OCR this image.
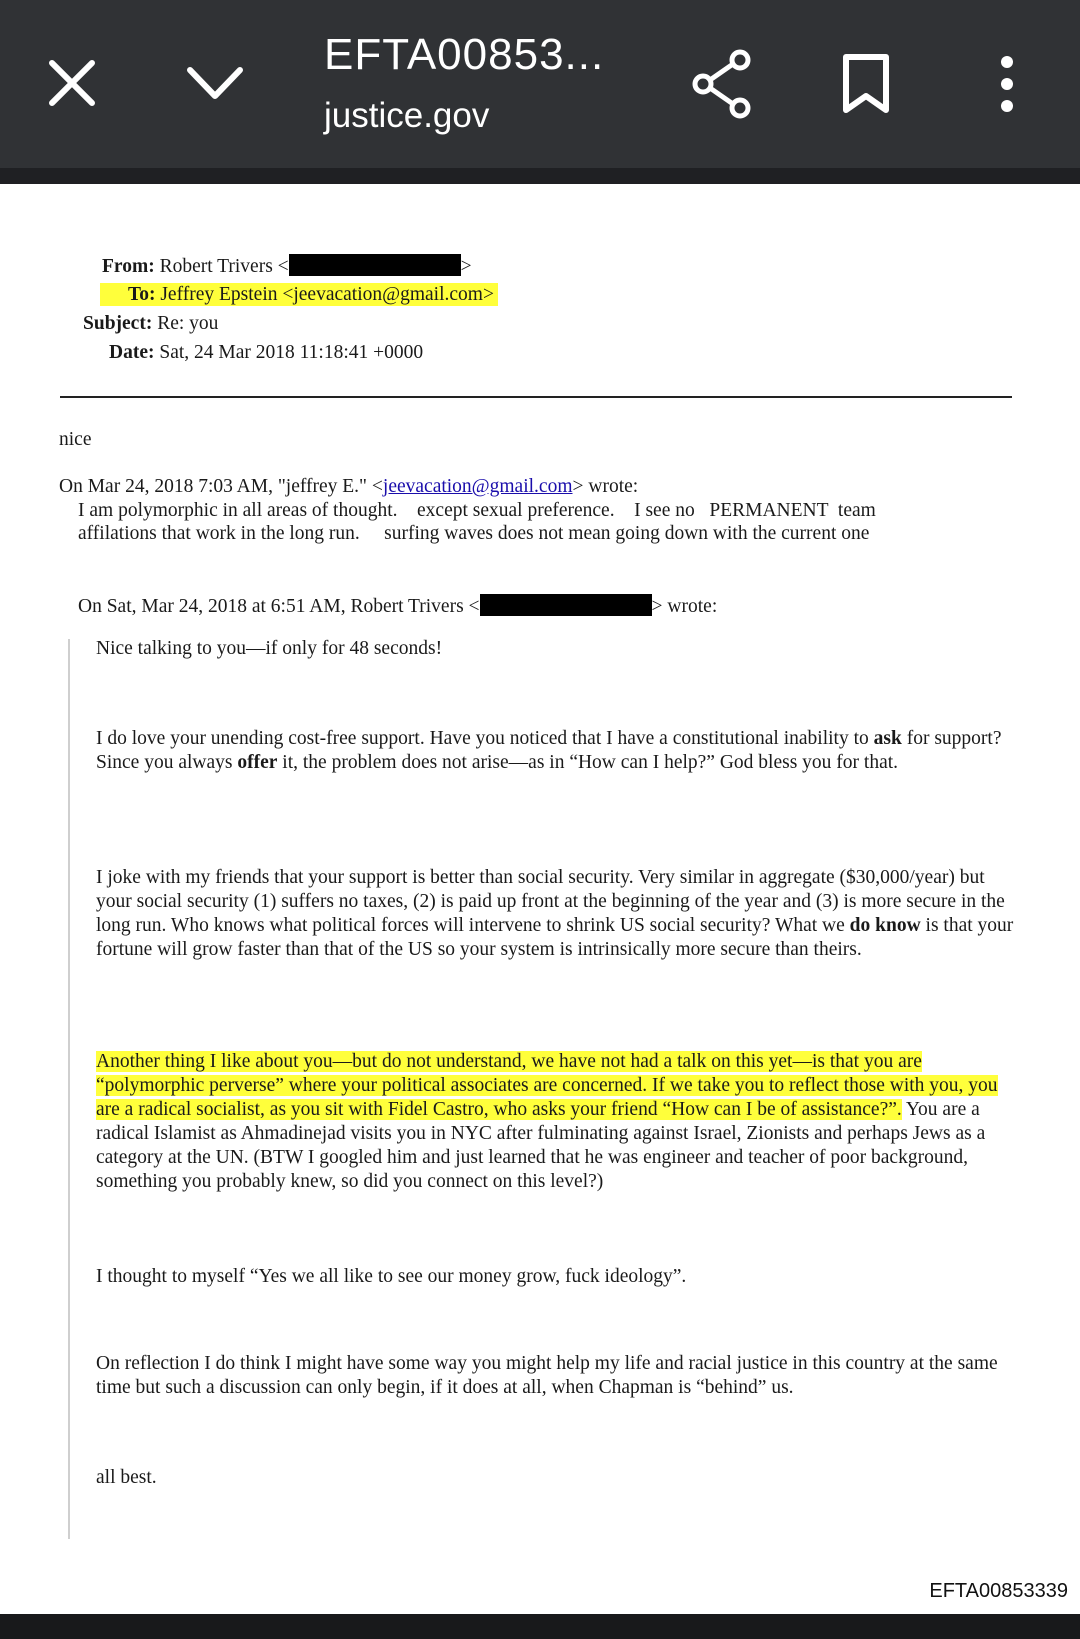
EFTA00853...
justice.gov
From: Robert Trivers <	>
To: Jeffrey Epstein <jeevacation@gmail.com>
Subject: Re: you
Date: Sat, 24 Mar 2018 11:18:41 +0000
nice
On Mar 24, 2018 7:03 AM, "jeffrey E." <jeevacation@gmail.com> wrote:
I am polymorphic in all areas of thought.    except sexual preference.    I see no   PERMANENT  team
affilations that work in the long run.     surfing waves does not mean going down with the current one
On Sat, Mar 24, 2018 at 6:51 AM, Robert Trivers <	> wrote:
Nice talking to you—if only for 48 seconds!
I do love your unending cost-free support. Have you noticed that I have a constitutional inability to ask for support? Since you always offer it, the problem does not arise—as in “How can I help?” God bless you for that.
I joke with my friends that your support is better than social security. Very similar in aggregate ($30,000/year) but your social security (1) suffers no taxes, (2) is paid up front at the beginning of the year and (3) is more secure in the long run. Who knows what political forces will intervene to shrink US social security? What we do know is that your fortune will grow faster than that of the US so your system is intrinsically more secure than theirs.
Another thing I like about you—but do not understand, we have not had a talk on this yet—is that you are “polymorphic perverse” where your political associates are concerned. If we take you to reflect those with you, you are a radical socialist, as you sit with Fidel Castro, who asks your friend “How can I be of assistance?”. You are a radical Islamist as Ahmadinejad visits you in NYC after fulminating against Israel, Zionists and perhaps Jews as a category at the UN. (BTW I googled him and just learned that he was engineer and teacher of poor background, something you probably knew, so did you connect on this level?)
I thought to myself “Yes we all like to see our money grow, fuck ideology”.
On reflection I do think I might have some way you might help my life and racial justice in this country at the same time but such a discussion can only begin, if it does at all, when Chapman is “behind” us.
all best.
EFTA00853339
